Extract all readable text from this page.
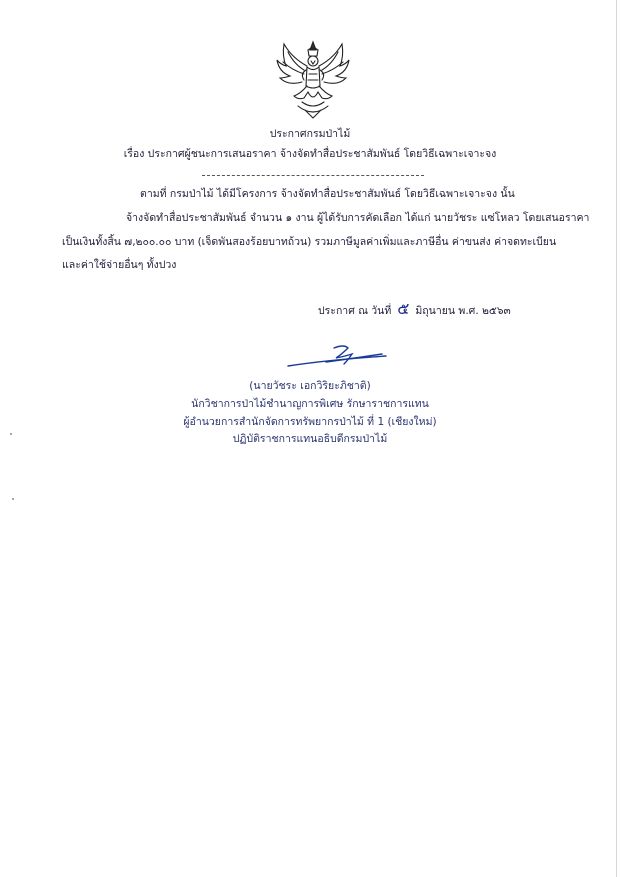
ประกาศกรมป่าไม้
เรื่อง ประกาศผู้ชนะการเสนอราคา จ้างจัดทำสื่อประชาสัมพันธ์ โดยวิธีเฉพาะเจาะจง
ตามที่ กรมป่าไม้ ได้มีโครงการ จ้างจัดทำสื่อประชาสัมพันธ์ โดยวิธีเฉพาะเจาะจง นั้น
จ้างจัดทำสื่อประชาสัมพันธ์ จำนวน ๑ งาน ผู้ได้รับการคัดเลือก ได้แก่ นายวัชระ แซ่โหลว โดยเสนอราคา
เป็นเงินทั้งสิ้น ๗,๒๐๐.๐๐ บาท (เจ็ดพันสองร้อยบาทถ้วน) รวมภาษีมูลค่าเพิ่มและภาษีอื่น ค่าขนส่ง ค่าจดทะเบียน
และค่าใช้จ่ายอื่นๆ ทั้งปวง
ประกาศ ณ วันที่ ๕ มิถุนายน พ.ศ. ๒๕๖๓
(นายวัชระ เอกวิริยะภิชาติ)
นักวิชาการป่าไม้ชำนาญการพิเศษ รักษาราชการแทน
ผู้อำนวยการสำนักจัดการทรัพยากรป่าไม้ ที่ 1 (เชียงใหม่)
ปฏิบัติราชการแทนอธิบดีกรมป่าไม้
